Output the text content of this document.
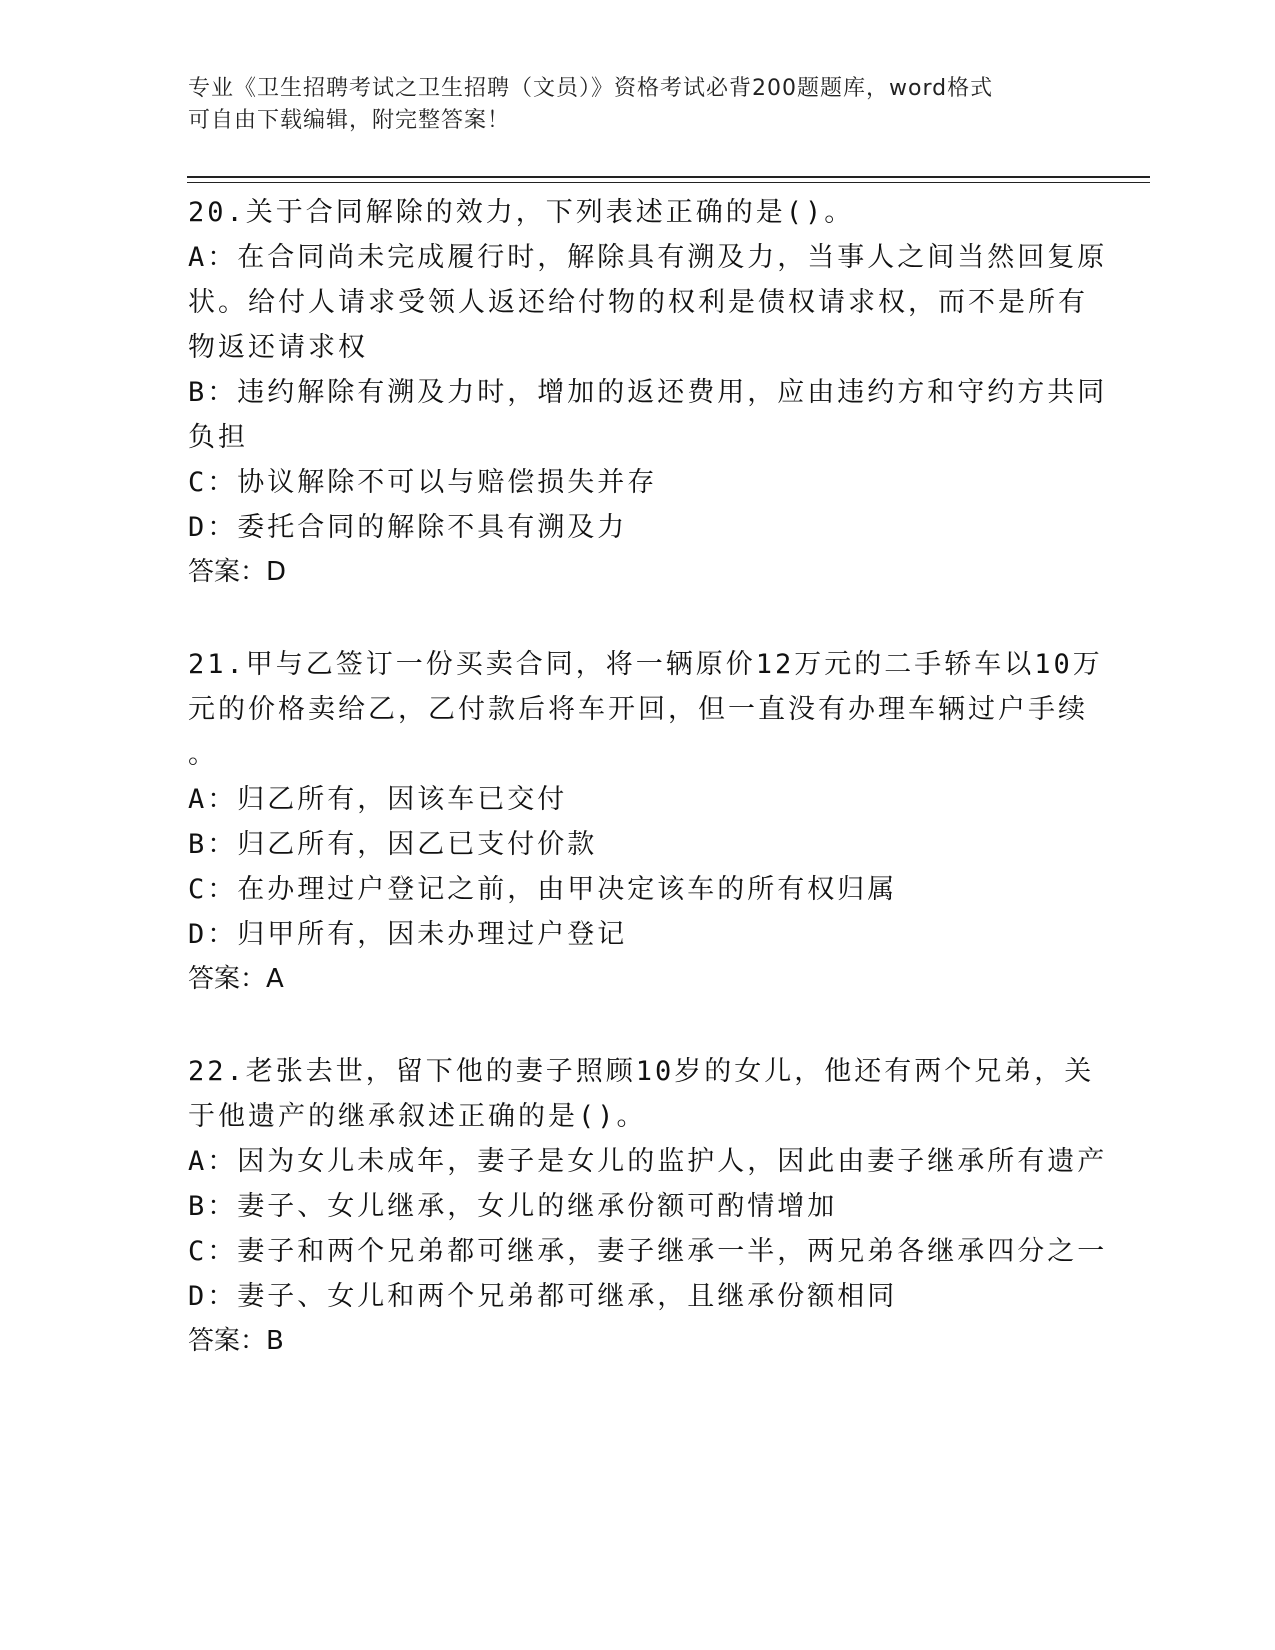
专业《卫生招聘考试之卫生招聘（文员）》资格考试必背200题题库，word格式
可自由下载编辑，附完整答案！
20.关于合同解除的效力，下列表述正确的是()。
A：在合同尚未完成履行时，解除具有溯及力，当事人之间当然回复原
状。给付人请求受领人返还给付物的权利是债权请求权，而不是所有
物返还请求权
B：违约解除有溯及力时，增加的返还费用，应由违约方和守约方共同
负担
C：协议解除不可以与赔偿损失并存
D：委托合同的解除不具有溯及力
答案：D
21.甲与乙签订一份买卖合同，将一辆原价12万元的二手轿车以10万
元的价格卖给乙，乙付款后将车开回，但一直没有办理车辆过户手续
。
A：归乙所有，因该车已交付
B：归乙所有，因乙已支付价款
C：在办理过户登记之前，由甲决定该车的所有权归属
D：归甲所有，因未办理过户登记
答案：A
22.老张去世，留下他的妻子照顾10岁的女儿，他还有两个兄弟，关
于他遗产的继承叙述正确的是()。
A：因为女儿未成年，妻子是女儿的监护人，因此由妻子继承所有遗产
B：妻子、女儿继承，女儿的继承份额可酌情增加
C：妻子和两个兄弟都可继承，妻子继承一半，两兄弟各继承四分之一
D：妻子、女儿和两个兄弟都可继承，且继承份额相同
答案：B
